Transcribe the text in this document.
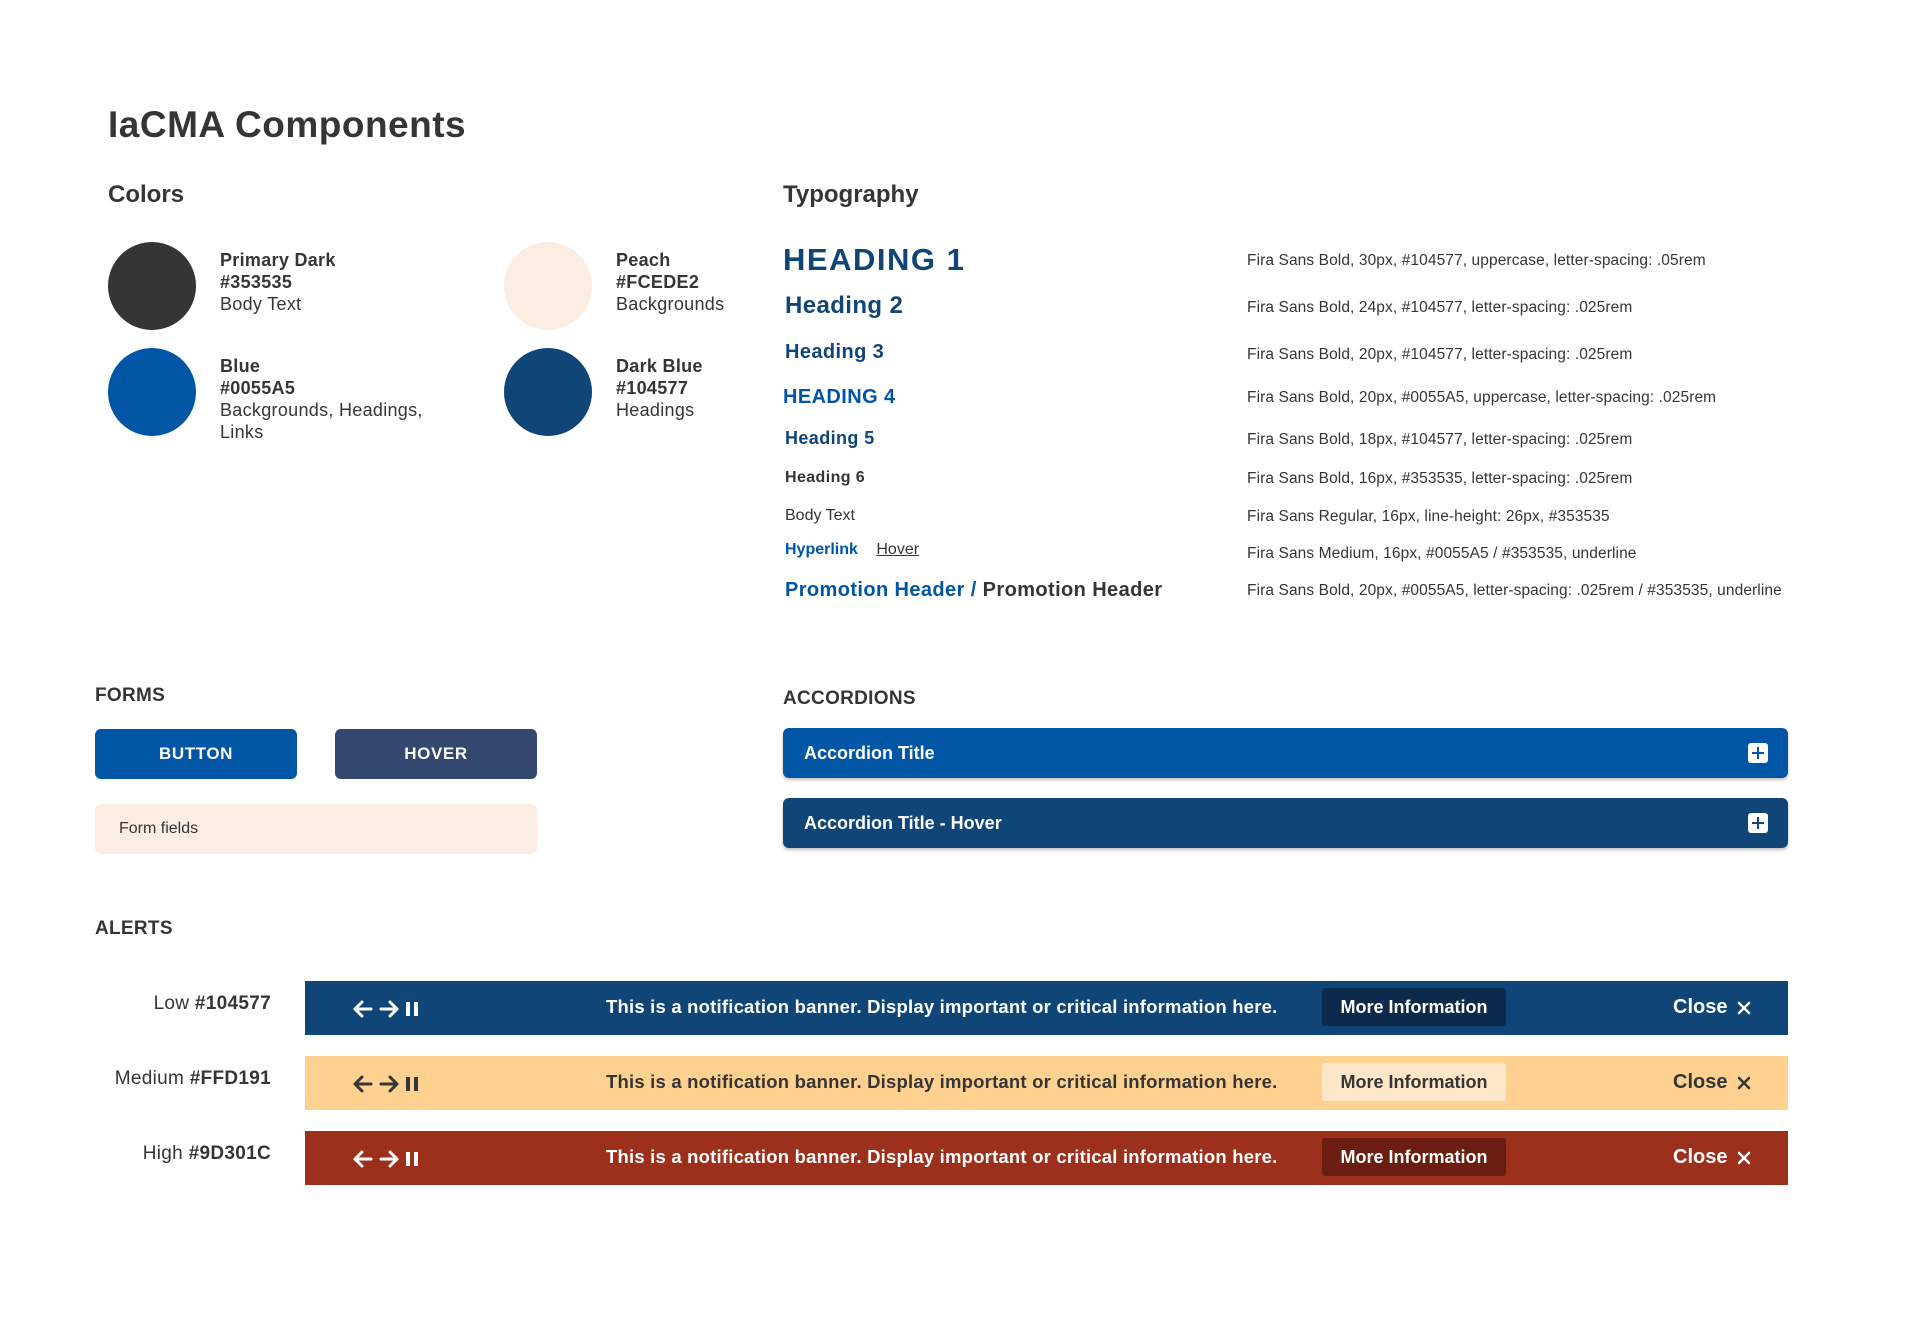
IaCMA Components
Colors
Primary Dark
#353535
Body Text
Peach
#FCEDE2
Backgrounds
Blue
#0055A5
Backgrounds, Headings,
Links
Dark Blue
#104577
Headings
Typography
HEADING 1	Fira Sans Bold, 30px, #104577, uppercase, letter-spacing: .05rem
Heading 2	Fira Sans Bold, 24px, #104577, letter-spacing: .025rem
Heading 3	Fira Sans Bold, 20px, #104577, letter-spacing: .025rem
HEADING 4	Fira Sans Bold, 20px, #0055A5, uppercase, letter-spacing: .025rem
Heading 5	Fira Sans Bold, 18px, #104577, letter-spacing: .025rem
Heading 6	Fira Sans Bold, 16px, #353535, letter-spacing: .025rem
Body Text	Fira Sans Regular, 16px, line-height: 26px, #353535
Hyperlink Hover	Fira Sans Medium, 16px, #0055A5 / #353535, underline
Promotion Header / Promotion Header	Fira Sans Bold, 20px, #0055A5, letter-spacing: .025rem / #353535, underline
FORMS
BUTTON	HOVER
Form fields
ACCORDIONS
Accordion Title
Accordion Title - Hover
ALERTS
Low #104577	This is a notification banner. Display important or critical information here.	More Information	Close
Medium #FFD191	This is a notification banner. Display important or critical information here.	More Information	Close
High #9D301C	This is a notification banner. Display important or critical information here.	More Information	Close
